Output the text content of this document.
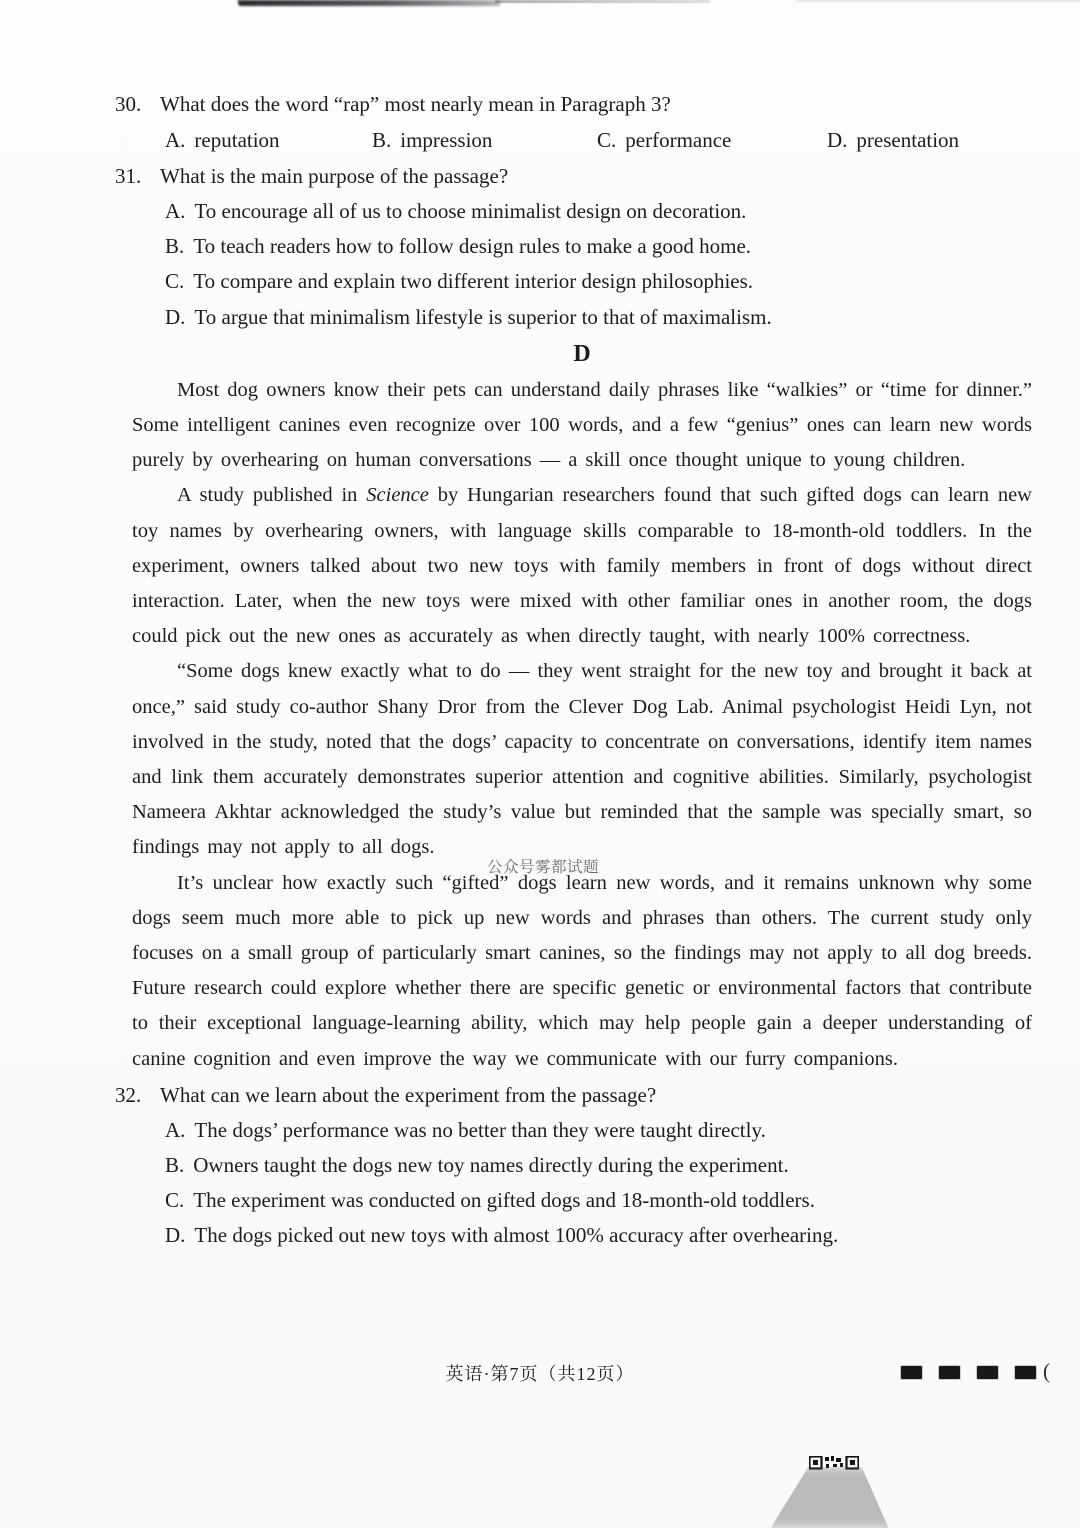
30. What does the word “rap” most nearly mean in Paragraph 3?
A. reputation	B. impression	C. performance	D. presentation
31. What is the main purpose of the passage?
A. To encourage all of us to choose minimalist design on decoration.
B. To teach readers how to follow design rules to make a good home.
C. To compare and explain two different interior design philosophies.
D. To argue that minimalism lifestyle is superior to that of maximalism.
D

Most dog owners know their pets can understand daily phrases like “walkies” or “time for dinner.” Some intelligent canines even recognize over 100 words, and a few “genius” ones can learn new words purely by overhearing on human conversations — a skill once thought unique to young children.

A study published in Science by Hungarian researchers found that such gifted dogs can learn new toy names by overhearing owners, with language skills comparable to 18-month-old toddlers. In the experiment, owners talked about two new toys with family members in front of dogs without direct interaction. Later, when the new toys were mixed with other familiar ones in another room, the dogs could pick out the new ones as accurately as when directly taught, with nearly 100% correctness.

“Some dogs knew exactly what to do — they went straight for the new toy and brought it back at once,” said study co-author Shany Dror from the Clever Dog Lab. Animal psychologist Heidi Lyn, not involved in the study, noted that the dogs’ capacity to concentrate on conversations, identify item names and link them accurately demonstrates superior attention and cognitive abilities. Similarly, psychologist Nameera Akhtar acknowledged the study’s value but reminded that the sample was specially smart, so findings may not apply to all dogs.

It’s unclear how exactly such “gifted” dogs learn new words, and it remains unknown why some dogs seem much more able to pick up new words and phrases than others. The current study only focuses on a small group of particularly smart canines, so the findings may not apply to all dog breeds. Future research could explore whether there are specific genetic or environmental factors that contribute to their exceptional language-learning ability, which may help people gain a deeper understanding of canine cognition and even improve the way we communicate with our furry companions.

32. What can we learn about the experiment from the passage?
A. The dogs’ performance was no better than they were taught directly.
B. Owners taught the dogs new toy names directly during the experiment.
C. The experiment was conducted on gifted dogs and 18-month-old toddlers.
D. The dogs picked out new toys with almost 100% accuracy after overhearing.
公众号雾都试题
英语·第7页（共12页）	(
